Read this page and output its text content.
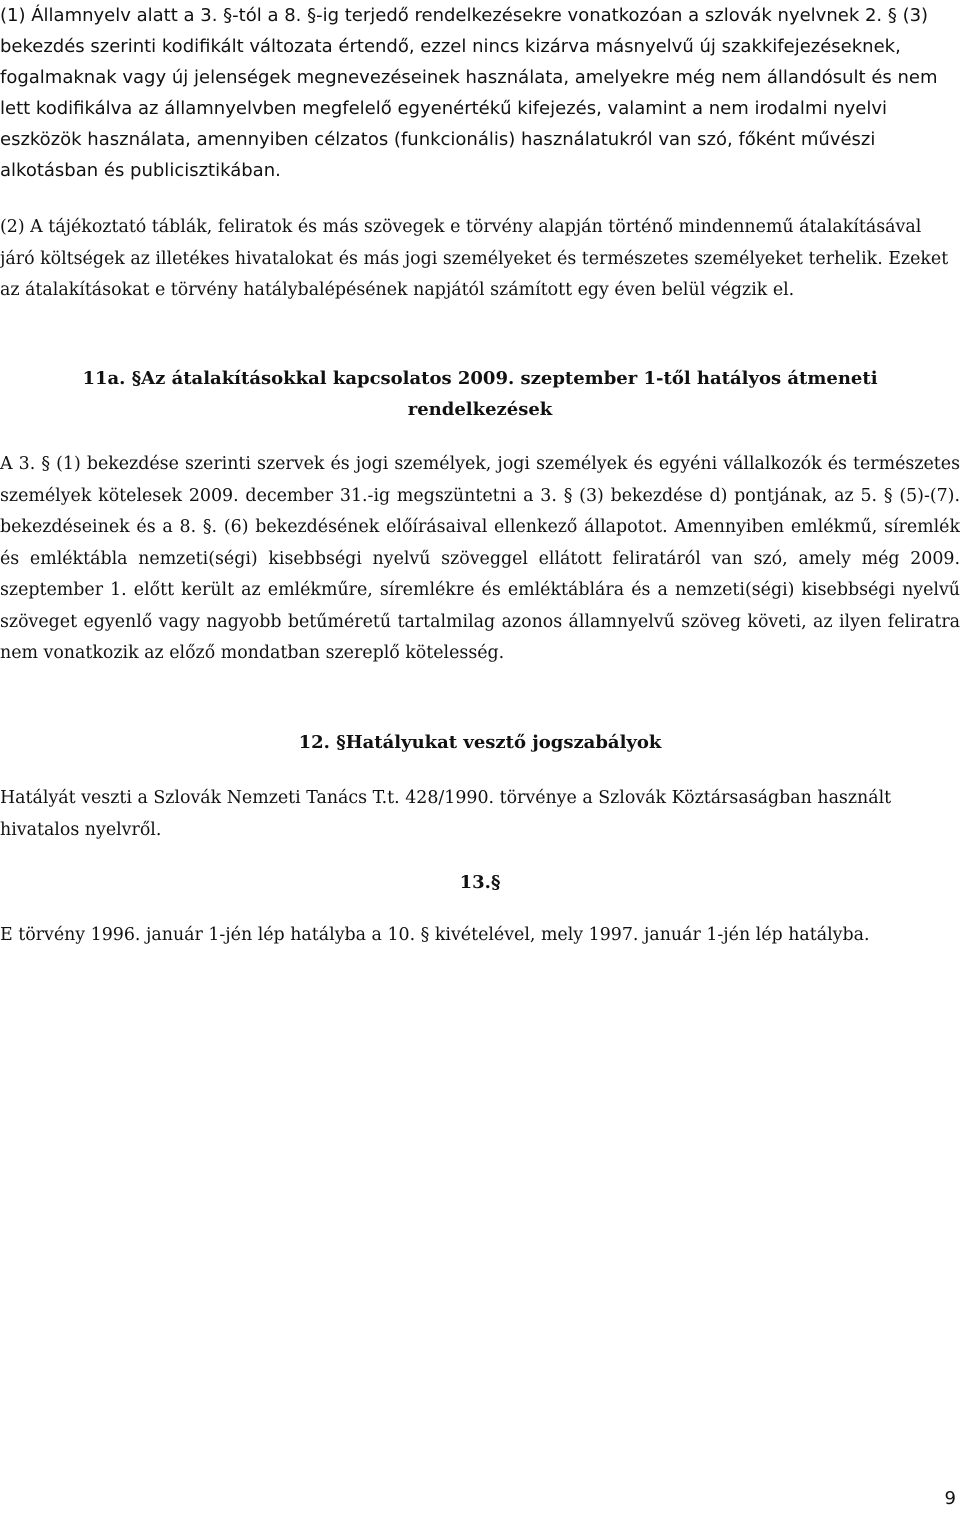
(1) Államnyelv alatt a 3. §-tól a 8. §-ig terjedő rendelkezésekre vonatkozóan a szlovák nyelvnek 2. § (3) bekezdés szerinti kodifikált változata értendő, ezzel nincs kizárva másnyelvű új szakkifejezéseknek, fogalmaknak vagy új jelenségek megnevezéseinek használata, amelyekre még nem állandósult és nem lett kodifikálva az államnyelvben megfelelő egyenértékű kifejezés, valamint a nem irodalmi nyelvi eszközök használata, amennyiben célzatos (funkcionális) használatukról van szó, főként művészi alkotásban és publicisztikában.

(2) A tájékoztató táblák, feliratok és más szövegek e törvény alapján történő mindennemű átalakításával járó költségek az illetékes hivatalokat és más jogi személyeket és természetes személyeket terhelik. Ezeket az átalakításokat e törvény hatálybalépésének napjától számított egy éven belül végzik el.

11a. §Az átalakításokkal kapcsolatos 2009. szeptember 1-től hatályos átmeneti
rendelkezések

A 3. § (1) bekezdése szerinti szervek és jogi személyek, jogi személyek és egyéni vállalkozók és természetes személyek kötelesek 2009. december 31.-ig megszüntetni a 3. § (3) bekezdése d) pontjának, az 5. § (5)-(7). bekezdéseinek és a 8. §. (6) bekezdésének előírásaival ellenkező állapotot. Amennyiben emlékmű, síremlék és emléktábla nemzeti(ségi) kisebbségi nyelvű szöveggel ellátott feliratáról van szó, amely még 2009. szeptember 1. előtt került az emlékműre, síremlékre és emléktáblára és a nemzeti(ségi) kisebbségi nyelvű szöveget egyenlő vagy nagyobb betűméretű tartalmilag azonos államnyelvű szöveg követi, az ilyen feliratra nem vonatkozik az előző mondatban szereplő kötelesség.

12. §Hatályukat vesztő jogszabályok

Hatályát veszti a Szlovák Nemzeti Tanács T.t. 428/1990. törvénye a Szlovák Köztársaságban használt hivatalos nyelvről.

13.§

E törvény 1996. január 1-jén lép hatályba a 10. § kivételével, mely 1997. január 1-jén lép hatályba.

9
